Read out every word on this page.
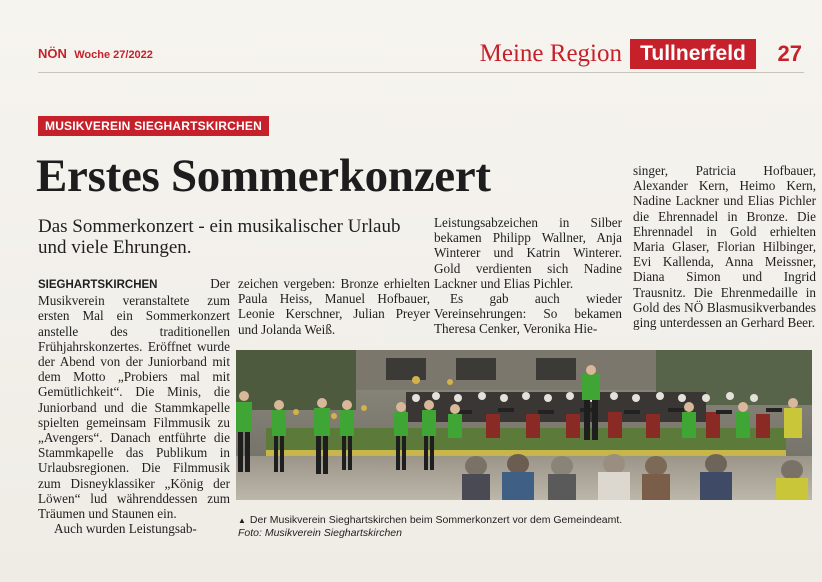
NÖN Woche 27/2022	Meine Region Tullnerfeld	27
MUSIKVEREIN SIEGHARTSKIRCHEN
Erstes Sommerkonzert
Das Sommerkonzert - ein musikalischer Urlaub und viele Ehrungen.
SIEGHARTSKIRCHEN Der Musikverein veranstaltete zum ersten Mal ein Sommerkonzert anstelle des traditionellen Frühjahrskonzertes. Eröffnet wurde der Abend von der Juniorband mit dem Motto „Probiers mal mit Gemütlichkeit“. Die Minis, die Juniorband und die Stammkapelle spielten gemeinsam Filmmusik zu „Avengers“. Danach entführte die Stammkapelle das Publikum in Urlaubsregionen. Die Filmmusik zum Disneyklassiker „König der Löwen“ lud währenddessen zum Träumen und Staunen ein.
Auch wurden Leistungsab-
zeichen vergeben: Bronze erhielten Paula Heiss, Manuel Hofbauer, Leonie Kerschner, Julian Preyer und Jolanda Weiß.
Leistungsabzeichen in Silber bekamen Philipp Wallner, Anja Winterer und Katrin Winterer. Gold verdienten sich Nadine Lackner und Elias Pichler.
Es gab auch wieder Vereinsehrungen: So bekamen Theresa Cenker, Veronika Hie-
singer, Patricia Hofbauer, Alexander Kern, Heimo Kern, Nadine Lackner und Elias Pichler die Ehrennadel in Bronze. Die Ehrennadel in Gold erhielten Maria Glaser, Florian Hilbinger, Evi Kallenda, Anna Meissner, Diana Simon und Ingrid Trausnitz. Die Ehrenmedaille in Gold des NÖ Blasmusikverbandes ging unterdessen an Gerhard Beer.
▲ Der Musikverein Sieghartskirchen beim Sommerkonzert vor dem Gemeindeamt.
Foto: Musikverein Sieghartskirchen
